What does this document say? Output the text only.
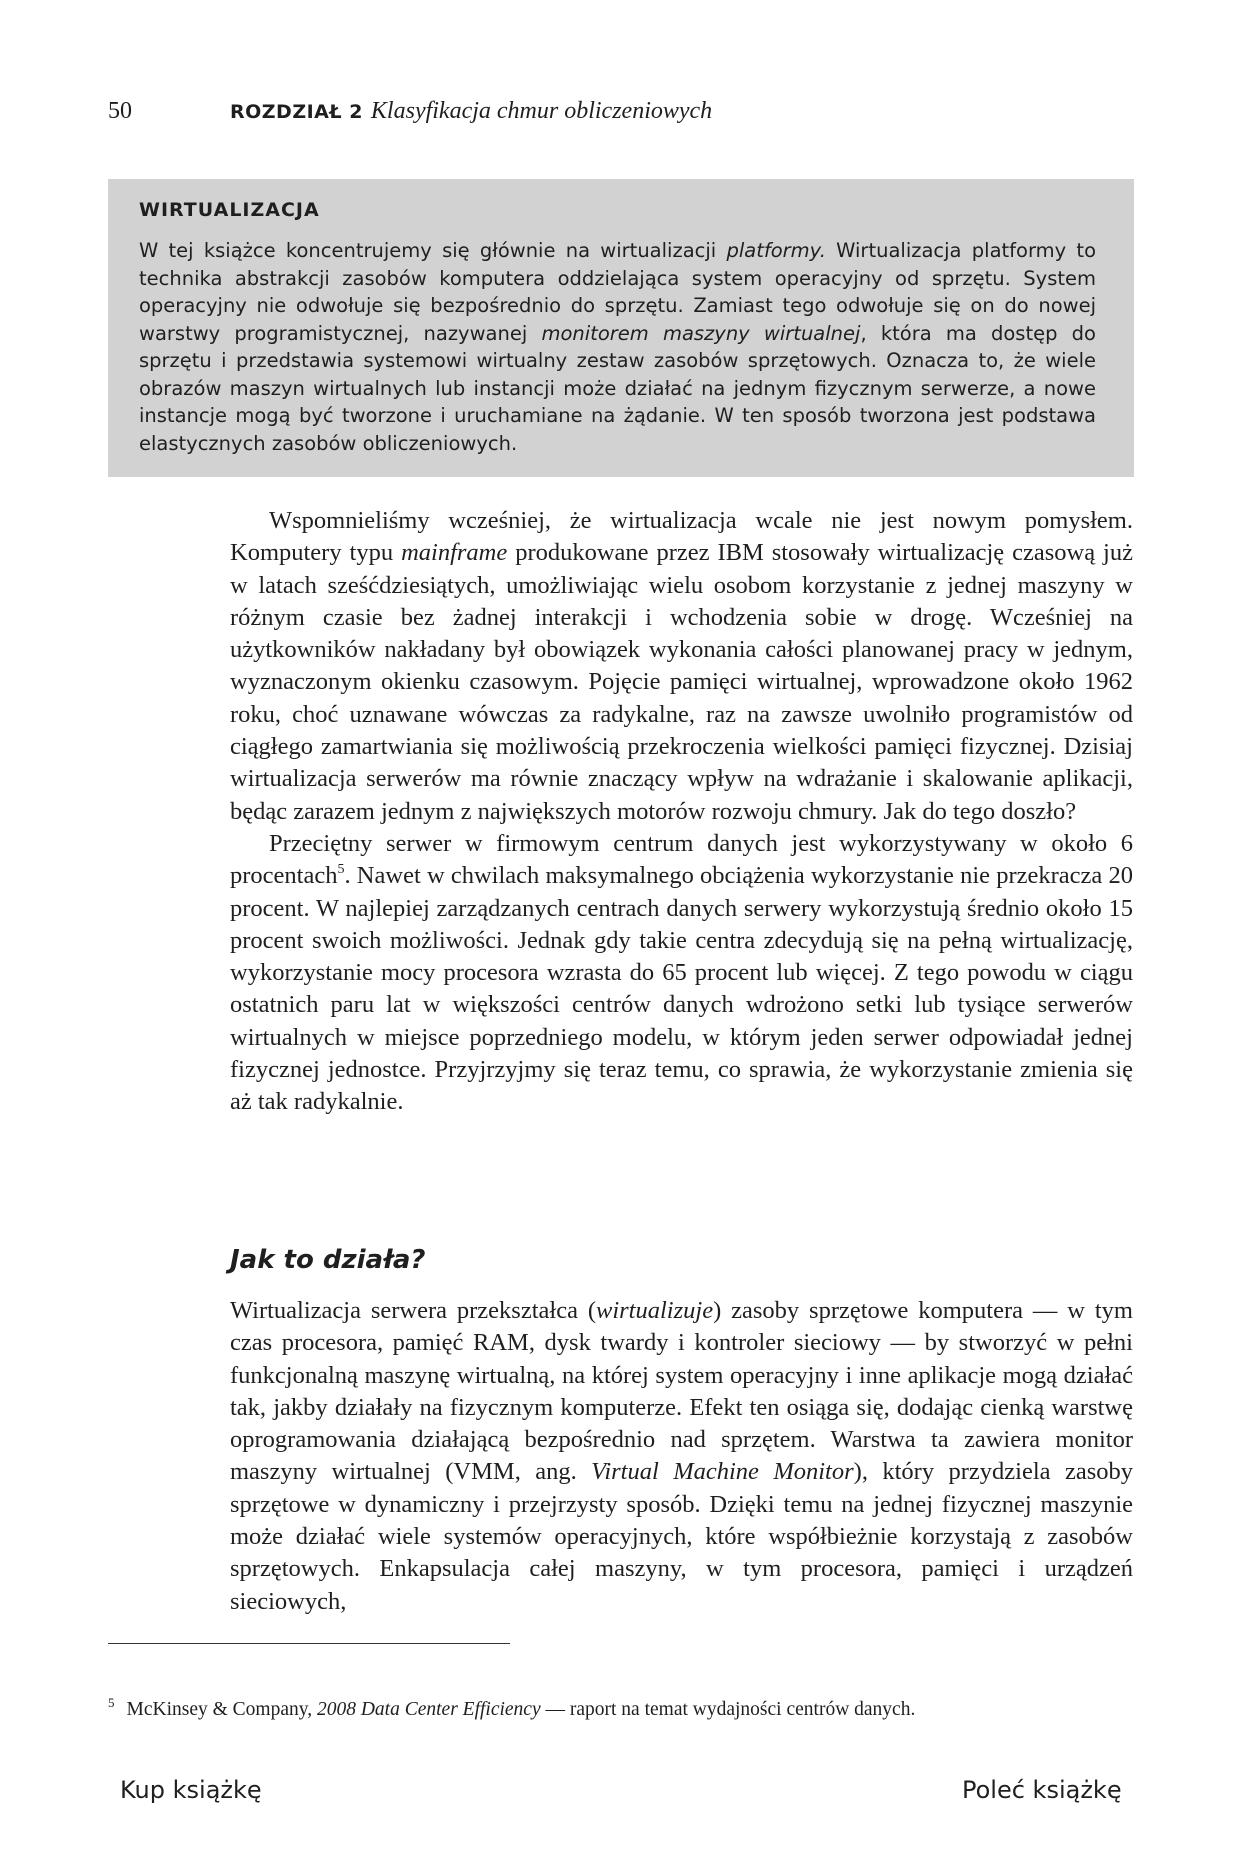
50	ROZDZIAŁ 2 Klasyfikacja chmur obliczeniowych
WIRTUALIZACJA

W tej książce koncentrujemy się głównie na wirtualizacji platformy. Wirtualizacja platformy to technika abstrakcji zasobów komputera oddzielająca system operacyjny od sprzętu. System operacyjny nie odwołuje się bezpośrednio do sprzętu. Zamiast tego odwołuje się on do nowej warstwy programistycznej, nazywanej monitorem maszyny wirtualnej, która ma dostęp do sprzętu i przedstawia systemowi wirtualny zestaw zasobów sprzętowych. Oznacza to, że wiele obrazów maszyn wirtualnych lub instancji może działać na jednym fizycznym serwerze, a nowe instancje mogą być tworzone i uruchamiane na żądanie. W ten sposób tworzona jest podstawa elastycznych zasobów obliczeniowych.

Wspomnieliśmy wcześniej, że wirtualizacja wcale nie jest nowym pomysłem. Komputery typu mainframe produkowane przez IBM stosowały wirtualizację czasową już w latach sześćdziesiątych, umożliwiając wielu osobom korzystanie z jednej maszyny w różnym czasie bez żadnej interakcji i wchodzenia sobie w drogę. Wcześniej na użytkowników nakładany był obowiązek wykonania całości planowanej pracy w jednym, wyznaczonym okienku czasowym. Pojęcie pamięci wirtualnej, wprowadzone około 1962 roku, choć uznawane wówczas za radykalne, raz na zawsze uwolniło programistów od ciągłego zamartwiania się możliwością przekroczenia wielkości pamięci fizycznej. Dzisiaj wirtualizacja serwerów ma równie znaczący wpływ na wdrażanie i skalowanie aplikacji, będąc zarazem jednym z największych motorów rozwoju chmury. Jak do tego doszło?

Przeciętny serwer w firmowym centrum danych jest wykorzystywany w około 6 procentach$^5$. Nawet w chwilach maksymalnego obciążenia wykorzystanie nie przekracza 20 procent. W najlepiej zarządzanych centrach danych serwery wykorzystują średnio około 15 procent swoich możliwości. Jednak gdy takie centra zdecydują się na pełną wirtualizację, wykorzystanie mocy procesora wzrasta do 65 procent lub więcej. Z tego powodu w ciągu ostatnich paru lat w większości centrów danych wdrożono setki lub tysiące serwerów wirtualnych w miejsce poprzedniego modelu, w którym jeden serwer odpowiadał jednej fizycznej jednostce. Przyjrzyjmy się teraz temu, co sprawia, że wykorzystanie zmienia się aż tak radykalnie.

Jak to działa?

Wirtualizacja serwera przekształca (wirtualizuje) zasoby sprzętowe komputera — w tym czas procesora, pamięć RAM, dysk twardy i kontroler sieciowy — by stworzyć w pełni funkcjonalną maszynę wirtualną, na której system operacyjny i inne aplikacje mogą działać tak, jakby działały na fizycznym komputerze. Efekt ten osiąga się, dodając cienką warstwę oprogramowania działającą bezpośrednio nad sprzętem. Warstwa ta zawiera monitor maszyny wirtualnej (VMM, ang. Virtual Machine Monitor), który przydziela zasoby sprzętowe w dynamiczny i przejrzysty sposób. Dzięki temu na jednej fizycznej maszynie może działać wiele systemów operacyjnych, które współbieżnie korzystają z zasobów sprzętowych. Enkapsulacja całej maszyny, w tym procesora, pamięci i urządzeń sieciowych,

$^5$ McKinsey & Company, 2008 Data Center Efficiency — raport na temat wydajności centrów danych.

Kup książkę	Poleć książkę
